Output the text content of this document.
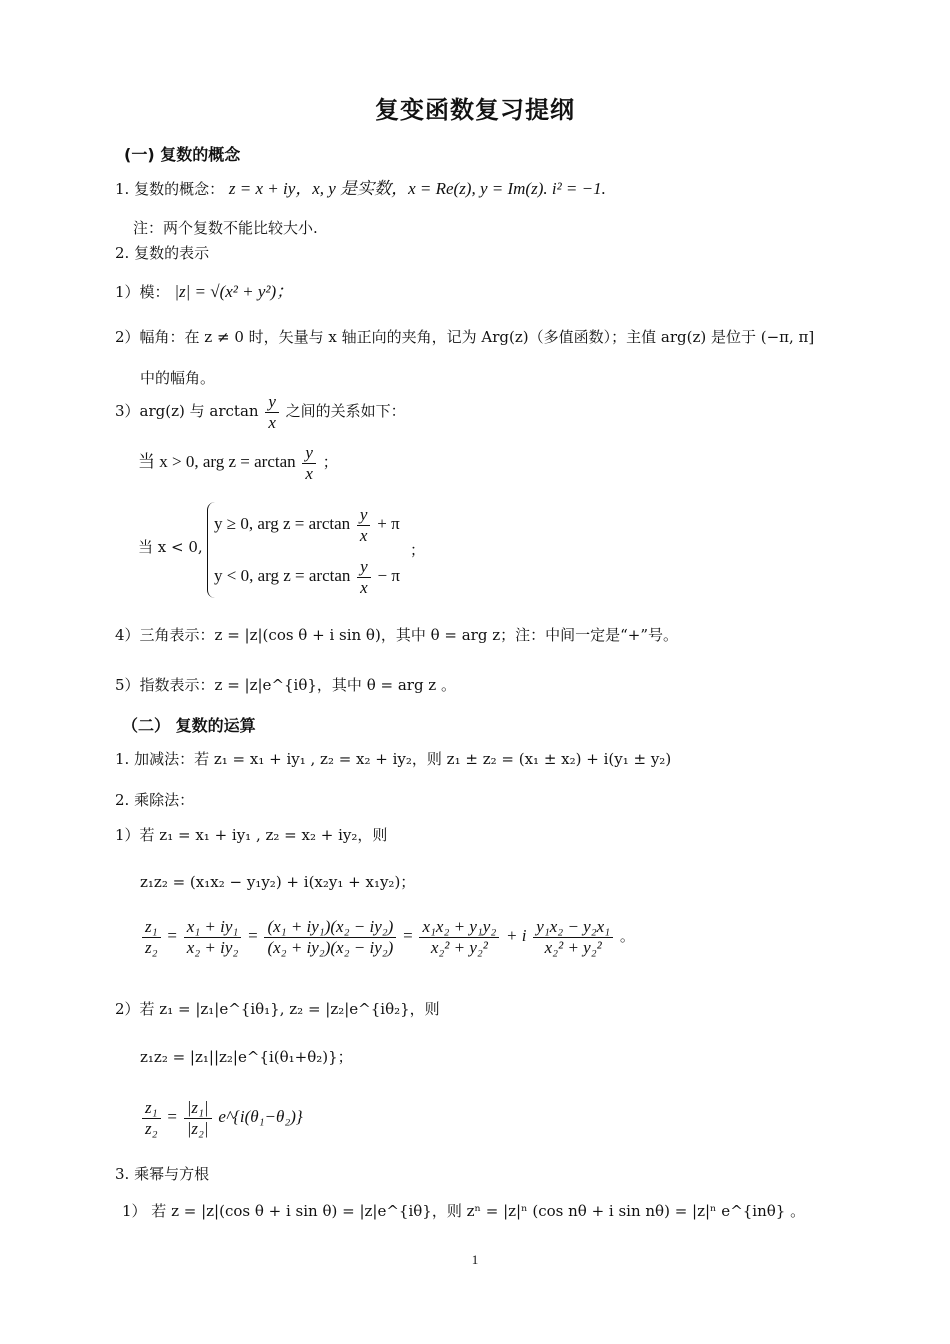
复变函数复习提纲
(一) 复数的概念
1. 复数的概念： z = x + iy，x, y 是实数，x = Re(z), y = Im(z). i² = −1.
注：两个复数不能比较大小.
2. 复数的表示
1）模： |z| = √(x² + y²)；
2）幅角：在 z ≠ 0 时，矢量与 x 轴正向的夹角，记为 Arg(z)（多值函数）；主值 arg(z) 是位于 (−π, π]
中的幅角。
3）arg(z) 与 $\arctan \frac{y}{x}$ 之间的关系如下：
当 x > 0, arg $z = \arctan \frac{y}{x}$ ；
当 x < 0,
y ≥ 0, arg $z = \arctan \frac{y}{x} + \pi$
y < 0, arg $z = \arctan \frac{y}{x} - \pi$
；
4）三角表示：z = |z|(cos θ + i sin θ)，其中 θ = arg z；注：中间一定是“+”号。
5）指数表示：z = |z|e^{iθ}，其中 θ = arg z 。
（二） 复数的运算
1. 加减法：若 z₁ = x₁ + iy₁ , z₂ = x₂ + iy₂，则 z₁ ± z₂ = (x₁ ± x₂) + i(y₁ ± y₂)
2. 乘除法：
1）若 z₁ = x₁ + iy₁ , z₂ = x₂ + iy₂，则
z₁z₂ = (x₁x₂ − y₁y₂) + i(x₂y₁ + x₁y₂)；
$\frac{\text{z₁}}{\text{z₂}} = \frac{\text{x₁ + iy₁}}{\text{x₂ + iy₂}} = \frac{\text{(x₁ + iy₁)(x₂ − iy₂)}}{\text{(x₂ + iy₂)(x₂ − iy₂)}} = \frac{\text{x₁x₂ + y₁y₂}}{\text{x₂² + y₂²}} + i \frac{\text{y₁x₂ − y₂x₁}}{\text{x₂² + y₂²}}$ 。
2）若 z₁ = |z₁|e^{iθ₁}, z₂ = |z₂|e^{iθ₂}，则
z₁z₂ = |z₁||z₂|e^{i(θ₁+θ₂)}；
$\frac{\text{z₁}}{\text{z₂}} = \frac{\text{|z₁|}}{\text{|z₂|}}$ e^{i(θ₁−θ₂)}
3. 乘幂与方根
1） 若 z = |z|(cos θ + i sin θ) = |z|e^{iθ}，则 zⁿ = |z|ⁿ (cos nθ + i sin nθ) = |z|ⁿ e^{inθ} 。
1
